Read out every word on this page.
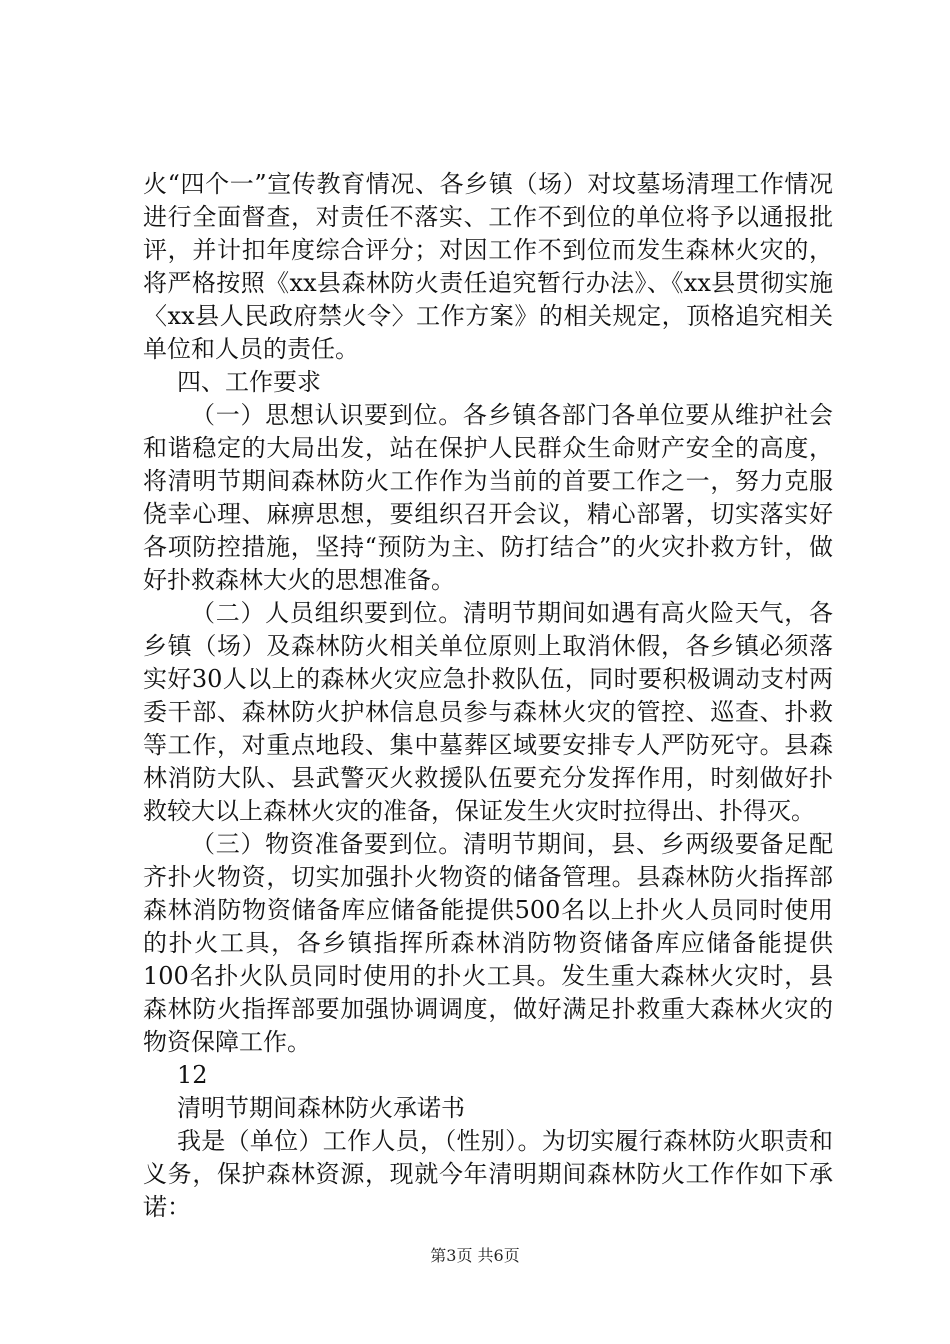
火“四个一”宣传教育情况、各乡镇（场）对坟墓场清理工作情况进行全面督查，对责任不落实、工作不到位的单位将予以通报批评，并计扣年度综合评分；对因工作不到位而发生森林火灾的，将严格按照《xx县森林防火责任追究暂行办法》、《xx县贯彻实施〈xx县人民政府禁火令〉工作方案》的相关规定，顶格追究相关单位和人员的责任。

四、工作要求

（一）思想认识要到位。各乡镇各部门各单位要从维护社会和谐稳定的大局出发，站在保护人民群众生命财产安全的高度，将清明节期间森林防火工作作为当前的首要工作之一，努力克服侥幸心理、麻痹思想，要组织召开会议，精心部署，切实落实好各项防控措施，坚持“预防为主、防打结合”的火灾扑救方针，做好扑救森林大火的思想准备。

（二）人员组织要到位。清明节期间如遇有高火险天气，各乡镇（场）及森林防火相关单位原则上取消休假，各乡镇必须落实好30人以上的森林火灾应急扑救队伍，同时要积极调动支村两委干部、森林防火护林信息员参与森林火灾的管控、巡查、扑救等工作，对重点地段、集中墓葬区域要安排专人严防死守。县森林消防大队、县武警灭火救援队伍要充分发挥作用，时刻做好扑救较大以上森林火灾的准备，保证发生火灾时拉得出、扑得灭。

（三）物资准备要到位。清明节期间，县、乡两级要备足配齐扑火物资，切实加强扑火物资的储备管理。县森林防火指挥部森林消防物资储备库应储备能提供500名以上扑火人员同时使用的扑火工具，各乡镇指挥所森林消防物资储备库应储备能提供100名扑火队员同时使用的扑火工具。发生重大森林火灾时，县森林防火指挥部要加强协调调度，做好满足扑救重大森林火灾的物资保障工作。

12

清明节期间森林防火承诺书

我是（单位）工作人员，（性别）。为切实履行森林防火职责和义务，保护森林资源，现就今年清明期间森林防火工作作如下承诺：

第3页 共6页
